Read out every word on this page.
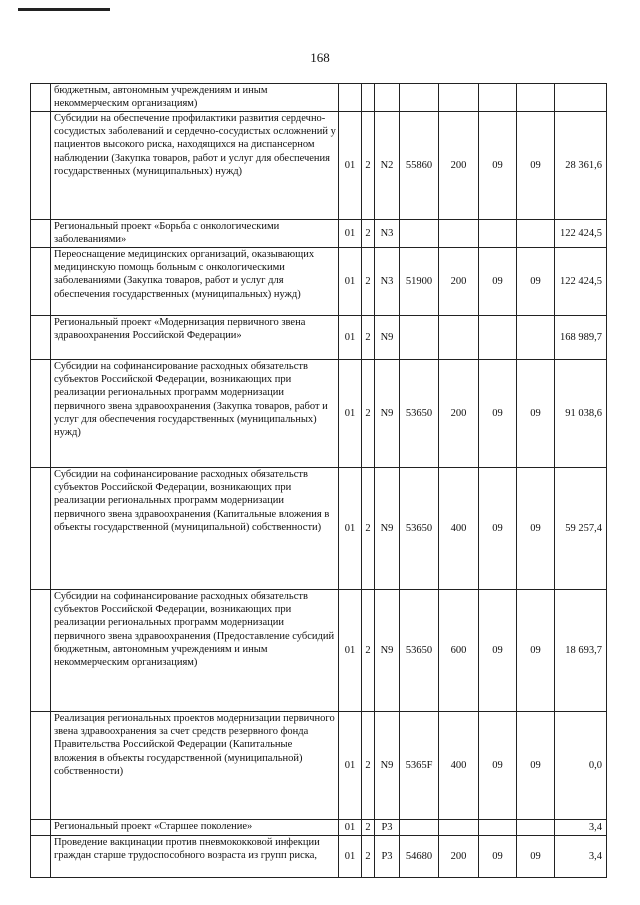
168
	бюджетным, автономным учреждениям и иным некоммерческим организациям)								
	Субсидии на обеспечение профилактики развития сердечно-сосудистых заболеваний и сердечно-сосудистых осложнений у пациентов высокого риска, находящихся на диспансерном наблюдении (Закупка товаров, работ и услуг для обеспечения государственных (муниципальных) нужд)	01	2	N2	55860	200	09	09	28 361,6
	Региональный проект «Борьба с онкологическими заболеваниями»	01	2	N3					122 424,5
	Переоснащение медицинских организаций, оказывающих медицинскую помощь больным с онкологическими заболеваниями (Закупка товаров, работ и услуг для обеспечения государственных (муниципальных) нужд)	01	2	N3	51900	200	09	09	122 424,5
	Региональный проект «Модернизация первичного звена здравоохранения Российской Федерации»	01	2	N9					168 989,7
	Субсидии на софинансирование расходных обязательств субъектов Российской Федерации, возникающих при реализации региональных программ модернизации первичного звена здравоохранения (Закупка товаров, работ и услуг для обеспечения государственных (муниципальных) нужд)	01	2	N9	53650	200	09	09	91 038,6
	Субсидии на софинансирование расходных обязательств субъектов Российской Федерации, возникающих при реализации региональных программ модернизации первичного звена здравоохранения (Капитальные вложения в объекты государственной (муниципальной) собственности)	01	2	N9	53650	400	09	09	59 257,4
	Субсидии на софинансирование расходных обязательств субъектов Российской Федерации, возникающих при реализации региональных программ модернизации первичного звена здравоохранения (Предоставление субсидий бюджетным, автономным учреждениям и иным некоммерческим организациям)	01	2	N9	53650	600	09	09	18 693,7
	Реализация региональных проектов модернизации первичного звена здравоохранения за счет средств резервного фонда Правительства Российской Федерации (Капитальные вложения в объекты государственной (муниципальной) собственности)	01	2	N9	5365F	400	09	09	0,0
	Региональный проект «Старшее поколение»	01	2	P3					3,4
	Проведение вакцинации против пневмококковой инфекции граждан старше трудоспособного возраста из групп риска,	01	2	P3	54680	200	09	09	3,4
